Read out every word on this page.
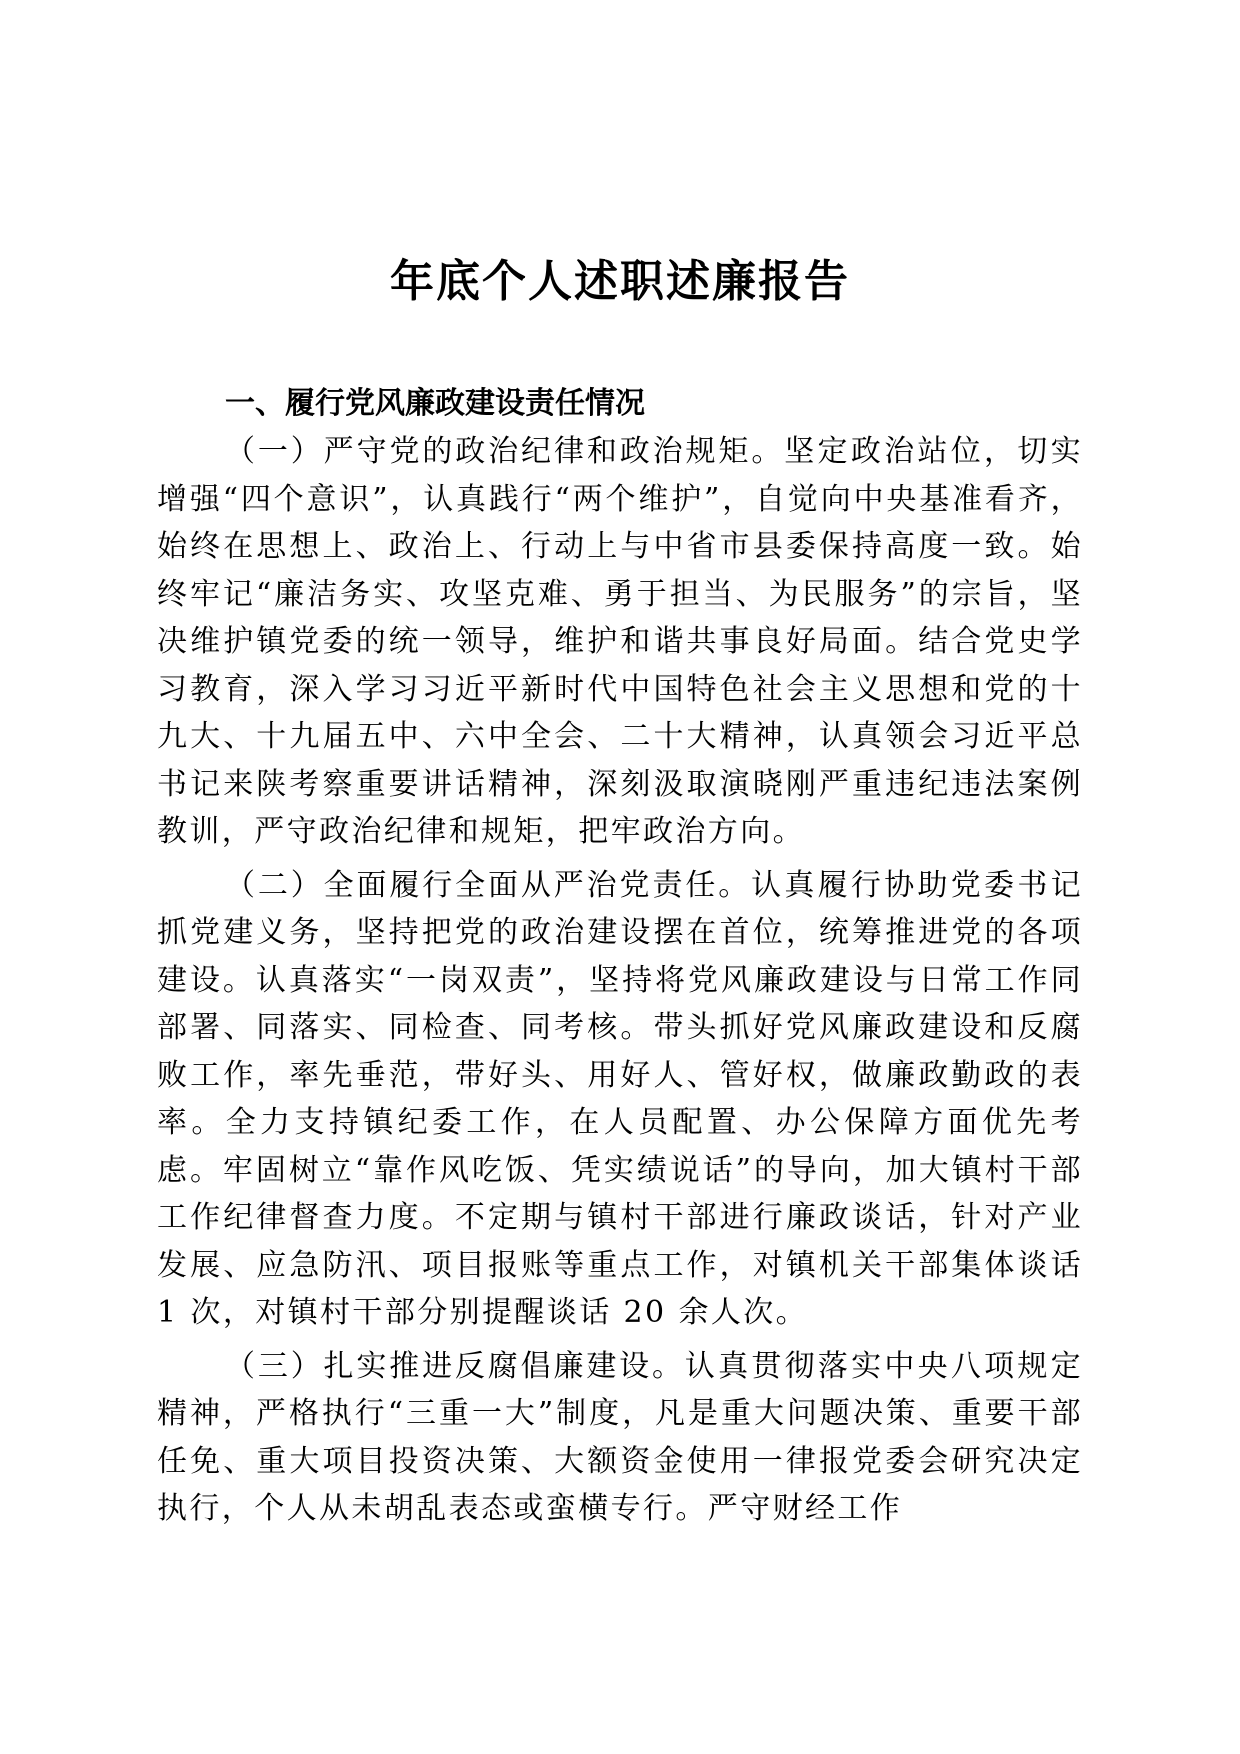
年底个人述职述廉报告
一、履行党风廉政建设责任情况

（一）严守党的政治纪律和政治规矩。坚定政治站位，切实增强“四个意识”，认真践行“两个维护”，自觉向中央基准看齐，始终在思想上、政治上、行动上与中省市县委保持高度一致。始终牢记“廉洁务实、攻坚克难、勇于担当、为民服务”的宗旨，坚决维护镇党委的统一领导，维护和谐共事良好局面。结合党史学习教育，深入学习习近平新时代中国特色社会主义思想和党的十九大、十九届五中、六中全会、二十大精神，认真领会习近平总书记来陕考察重要讲话精神，深刻汲取演晓刚严重违纪违法案例教训，严守政治纪律和规矩，把牢政治方向。

（二）全面履行全面从严治党责任。认真履行协助党委书记抓党建义务，坚持把党的政治建设摆在首位，统筹推进党的各项建设。认真落实“一岗双责”，坚持将党风廉政建设与日常工作同部署、同落实、同检查、同考核。带头抓好党风廉政建设和反腐败工作，率先垂范，带好头、用好人、管好权，做廉政勤政的表率。全力支持镇纪委工作，在人员配置、办公保障方面优先考虑。牢固树立“靠作风吃饭、凭实绩说话”的导向，加大镇村干部工作纪律督查力度。不定期与镇村干部进行廉政谈话，针对产业发展、应急防汛、项目报账等重点工作，对镇机关干部集体谈话 1 次，对镇村干部分别提醒谈话 20 余人次。

（三）扎实推进反腐倡廉建设。认真贯彻落实中央八项规定精神，严格执行“三重一大”制度，凡是重大问题决策、重要干部任免、重大项目投资决策、大额资金使用一律报党委会研究决定执行，个人从未胡乱表态或蛮横专行。严守财经工作
